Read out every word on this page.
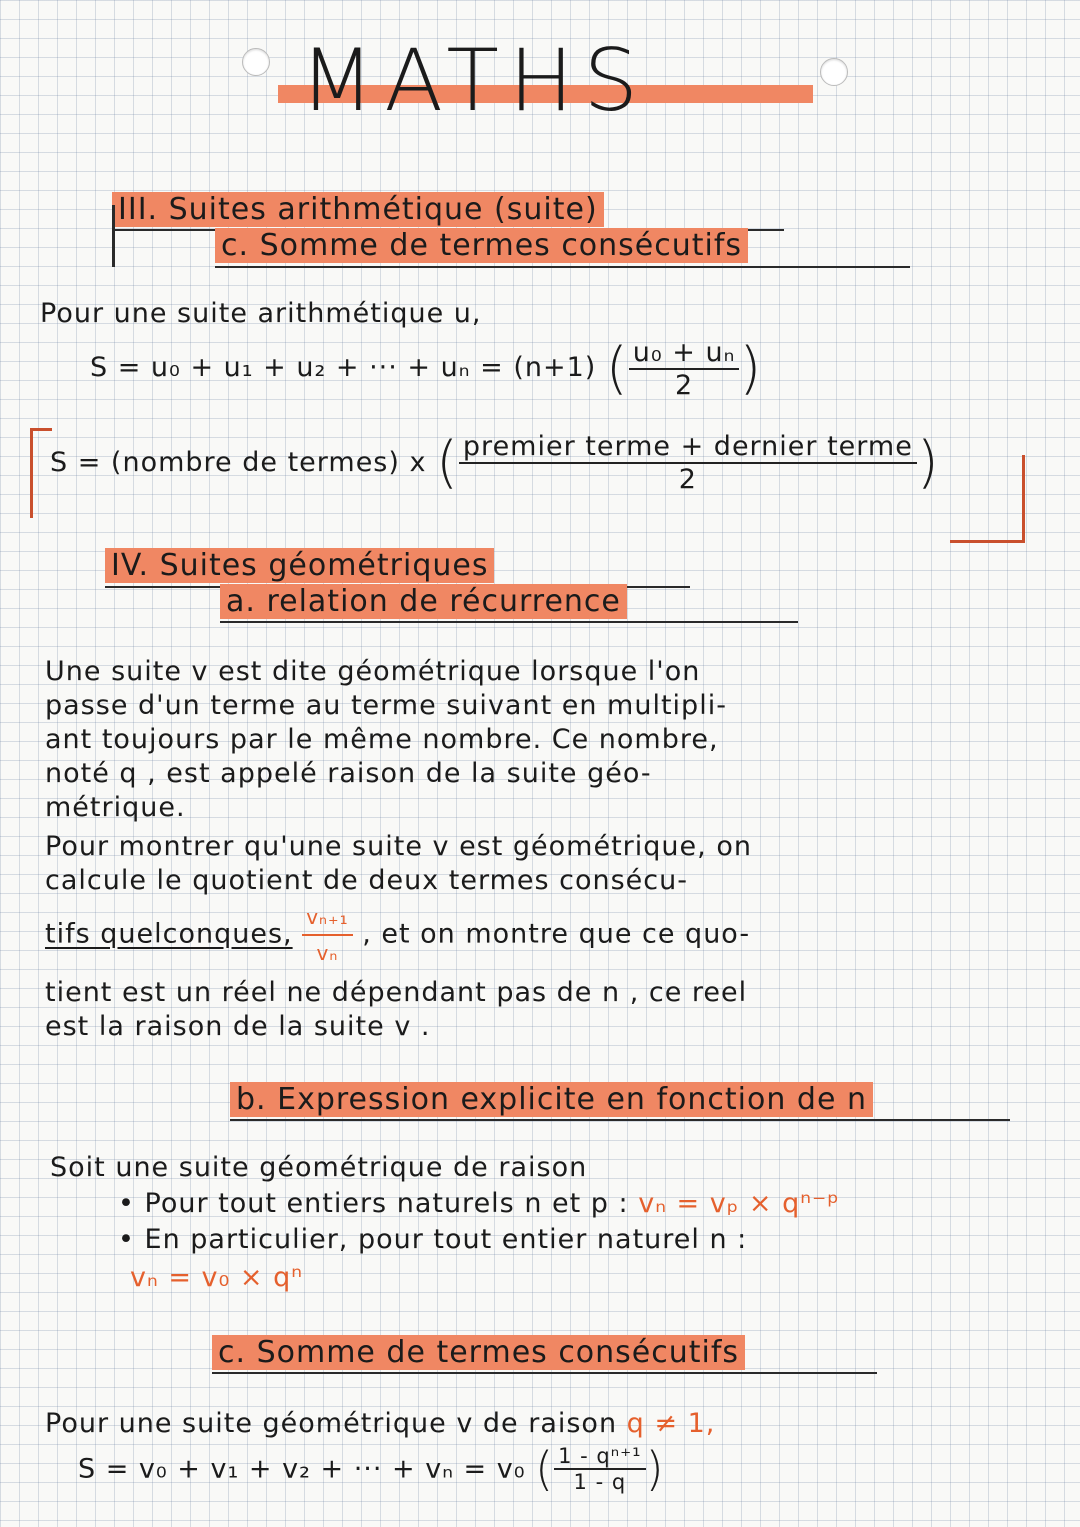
MATHS
III. Suites arithmétique (suite)
c. Somme de termes consécutifs
Pour une suite arithmétique u,
S = u₀ + u₁ + u₂ + ··· + uₙ = (n+1) ( $\frac{\text{u₀ + uₙ}}{2}$ )
S = (nombre de termes) x ( $\frac{\text{premier terme + dernier terme}}{2}$ )
IV. Suites géométriques
a. relation de récurrence
Une suite v est dite géométrique lorsque l'on
passe d'un terme au terme suivant en multipli-
ant toujours par le même nombre. Ce nombre,
noté q , est appelé raison de la suite géo-
métrique.
Pour montrer qu'une suite v est géométrique, on
calcule le quotient de deux termes consécu-
tifs quelconques, $\frac{\text{vₙ₊₁}}{\text{vₙ}}$ , et on montre que ce quo-
tient est un réel ne dépendant pas de n , ce reel
est la raison de la suite v .
b. Expression explicite en fonction de n
Soit une suite géométrique de raison
• Pour tout entiers naturels n et p : vₙ = vₚ × qⁿ⁻ᵖ
• En particulier, pour tout entier naturel n :
vₙ = v₀ × qⁿ
c. Somme de termes consécutifs
Pour une suite géométrique v de raison q ≠ 1,
S = v₀ + v₁ + v₂ + ··· + vₙ = v₀ ( $\frac{\text{1 - qⁿ⁺¹}}{1 - q}$ )
